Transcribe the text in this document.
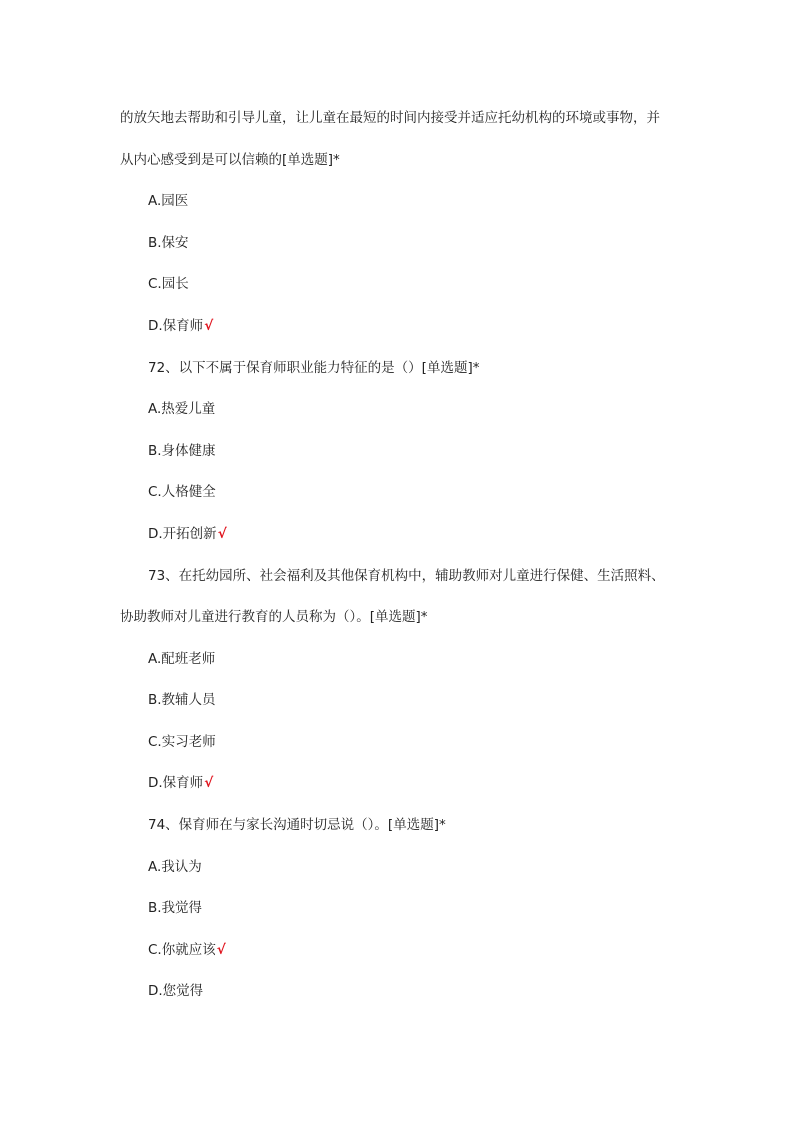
的放矢地去帮助和引导儿童，让儿童在最短的时间内接受并适应托幼机构的环境或事物，并
从内心感受到是可以信赖的[单选题]*
A.园医
B.保安
C.园长
D.保育师√
72、以下不属于保育师职业能力特征的是（）[单选题]*
A.热爱儿童
B.身体健康
C.人格健全
D.开拓创新√
73、在托幼园所、社会福利及其他保育机构中，辅助教师对儿童进行保健、生活照料、
协助教师对儿童进行教育的人员称为（）。[单选题]*
A.配班老师
B.教辅人员
C.实习老师
D.保育师√
74、保育师在与家长沟通时切忌说（）。[单选题]*
A.我认为
B.我觉得
C.你就应该√
D.您觉得
